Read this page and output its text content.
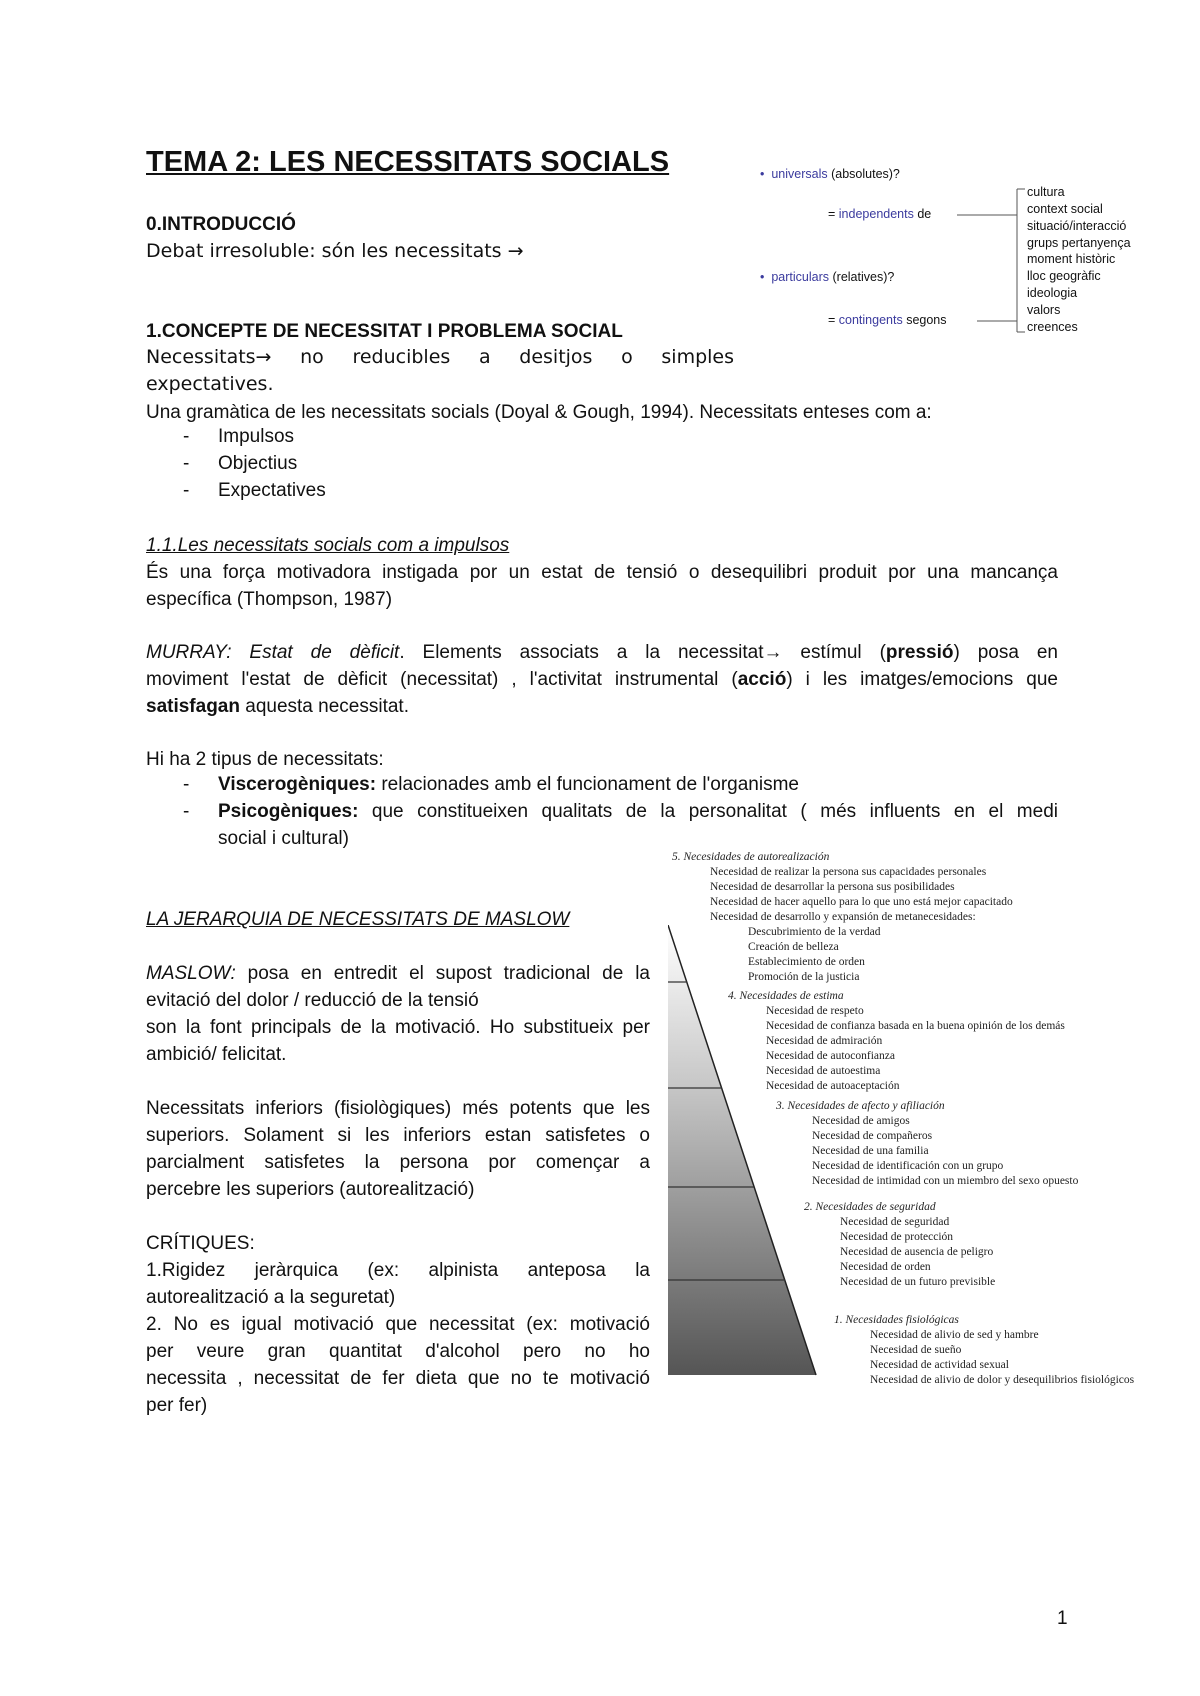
TEMA 2: LES NECESSITATS SOCIALS
0.INTRODUCCIÓ
Debat irresoluble: són les necessitats →
• universals (absolutes)?
= independents de
• particulars (relatives)?
= contingents segons
cultura
context social
situació/interacció
grups pertanyença
moment històric
lloc geogràfic
ideologia
valors
creences
1.CONCEPTE DE NECESSITAT I PROBLEMA SOCIAL
Necessitats→ no reducibles a desitjos o simples
expectatives.
Una gramàtica de les necessitats socials (Doyal & Gough, 1994). Necessitats enteses com a:
- Impulsos
- Objectius
- Expectatives
1.1.Les necessitats socials com a impulsos
És una força motivadora instigada por un estat de tensió o desequilibri produit por una mancança
específica (Thompson, 1987)
MURRAY: Estat de dèficit. Elements associats a la necessitat→ estímul (pressió) posa en
moviment l'estat de dèficit (necessitat) , l'activitat instrumental (acció) i les imatges/emocions que
satisfagan aquesta necessitat.
Hi ha 2 tipus de necessitats:
- Viscerogèniques: relacionades amb el funcionament de l'organisme
- Psicogèniques: que constitueixen qualitats de la personalitat ( més influents en el medi
social i cultural)
LA JERARQUIA DE NECESSITATS DE MASLOW
MASLOW: posa en entredit el supost tradicional de la
evitació del dolor / reducció de la tensió
son la font principals de la motivació. Ho substitueix per
ambició/ felicitat.
Necessitats inferiors (fisiològiques) més potents que les
superiors. Solament si les inferiors estan satisfetes o
parcialment satisfetes la persona por començar a
percebre les superiors (autorealització)
CRÍTIQUES:
1.Rigidez jeràrquica (ex: alpinista anteposa la
autorealització a la seguretat)
2. No es igual motivació que necessitat (ex: motivació
per veure gran quantitat d'alcohol pero no ho
necessita , necessitat de fer dieta que no te motivació
per fer)
5. Necesidades de autorealización
Necesidad de realizar la persona sus capacidades personales
Necesidad de desarrollar la persona sus posibilidades
Necesidad de hacer aquello para lo que uno está mejor capacitado
Necesidad de desarrollo y expansión de metanecesidades:
Descubrimiento de la verdad
Creación de belleza
Establecimiento de orden
Promoción de la justicia
4. Necesidades de estima
Necesidad de respeto
Necesidad de confianza basada en la buena opinión de los demás
Necesidad de admiración
Necesidad de autoconfianza
Necesidad de autoestima
Necesidad de autoaceptación
3. Necesidades de afecto y afiliación
Necesidad de amigos
Necesidad de compañeros
Necesidad de una familia
Necesidad de identificación con un grupo
Necesidad de intimidad con un miembro del sexo opuesto
2. Necesidades de seguridad
Necesidad de seguridad
Necesidad de protección
Necesidad de ausencia de peligro
Necesidad de orden
Necesidad de un futuro previsible
1. Necesidades fisiológicas
Necesidad de alivio de sed y hambre
Necesidad de sueño
Necesidad de actividad sexual
Necesidad de alivio de dolor y desequilibrios fisiológicos
1
